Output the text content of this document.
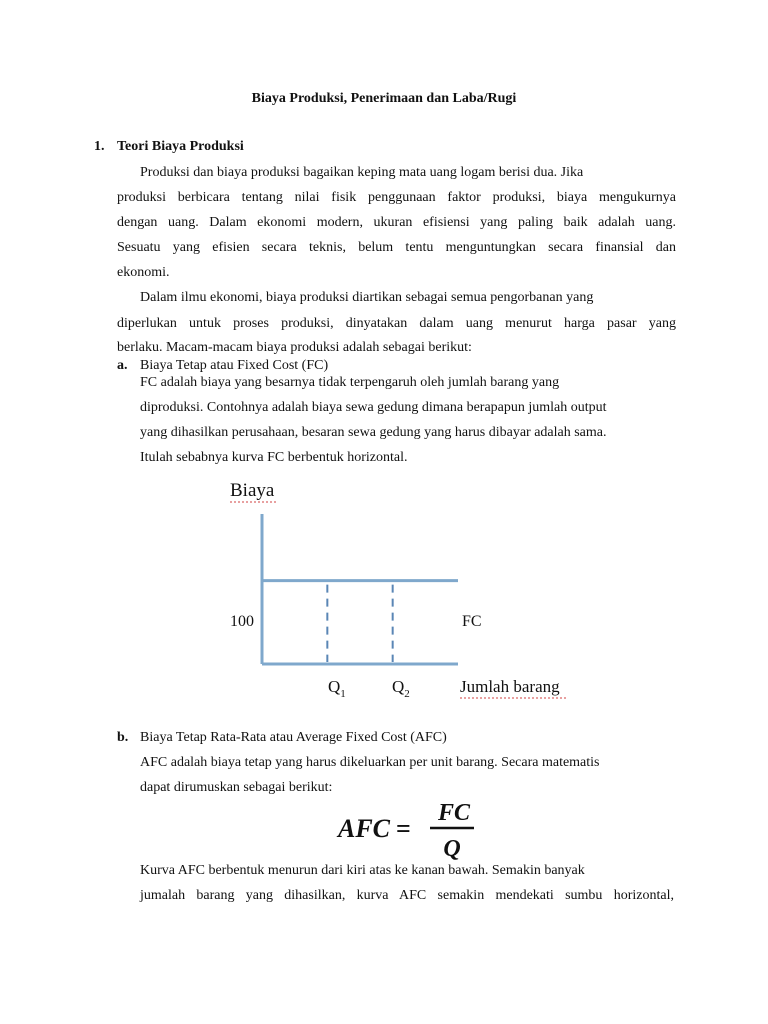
Biaya Produksi, Penerimaan dan Laba/Rugi

1. Teori Biaya Produksi

Produksi dan biaya produksi bagaikan keping mata uang logam berisi dua. Jika

produksi berbicara tentang nilai fisik penggunaan faktor produksi, biaya mengukurnya

dengan uang. Dalam ekonomi modern, ukuran efisiensi yang paling baik adalah uang.

Sesuatu yang efisien secara teknis, belum tentu menguntungkan secara finansial dan

ekonomi.

Dalam ilmu ekonomi, biaya produksi diartikan sebagai semua pengorbanan yang

diperlukan untuk proses produksi, dinyatakan dalam uang menurut harga pasar yang

berlaku. Macam-macam biaya produksi adalah sebagai berikut:

a. Biaya Tetap atau Fixed Cost (FC)

FC adalah biaya yang besarnya tidak terpengaruh oleh jumlah barang yang

diproduksi. Contohnya adalah biaya sewa gedung dimana berapapun jumlah output

yang dihasilkan perusahaan, besaran sewa gedung yang harus dibayar adalah sama.

Itulah sebabnya kurva FC berbentuk horizontal.

Biaya
100	FC
$Q_1$	$Q_2$	Jumlah barang

b. Biaya Tetap Rata-Rata atau Average Fixed Cost (AFC)

AFC adalah biaya tetap yang harus dikeluarkan per unit barang. Secara matematis

dapat dirumuskan sebagai berikut:

AFC =
FC
Q

Kurva AFC berbentuk menurun dari kiri atas ke kanan bawah. Semakin banyak

jumalah barang yang dihasilkan, kurva AFC semakin mendekati sumbu horizontal,
